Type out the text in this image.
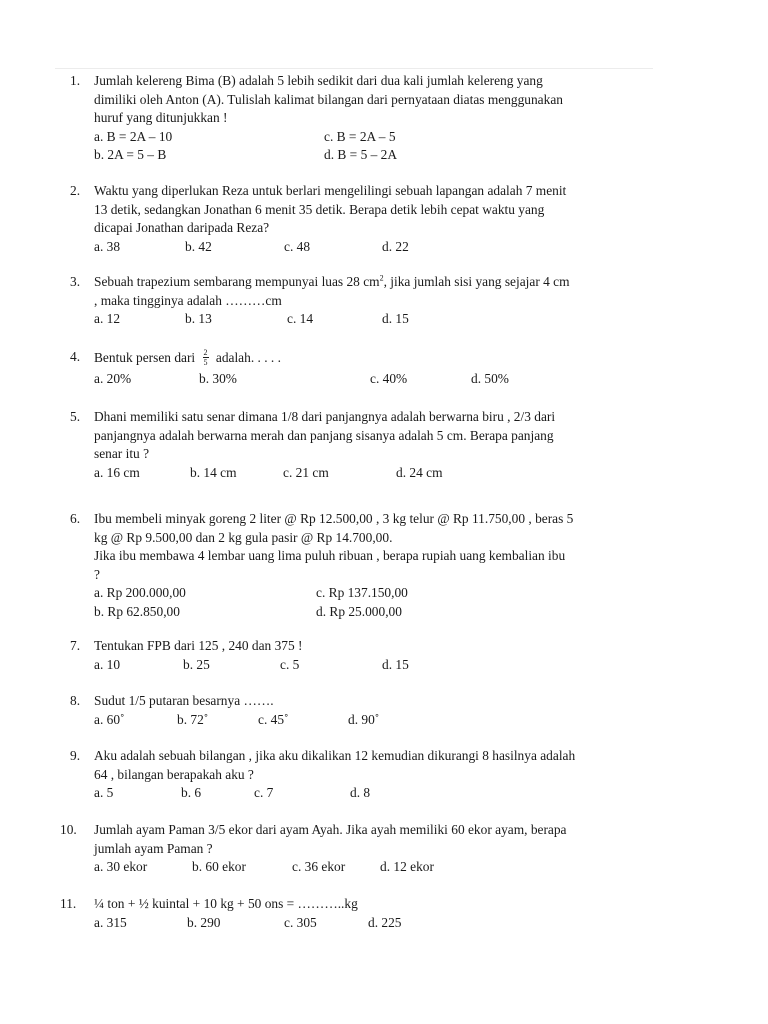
1.	Jumlah kelereng Bima (B) adalah 5 lebih sedikit dari dua kali jumlah kelereng yang
dimiliki oleh Anton (A). Tulislah kalimat bilangan dari pernyataan diatas menggunakan
huruf yang ditunjukkan !
a. B = 2A – 10	c. B = 2A – 5
b. 2A = 5 – B	d. B = 5 – 2A
2.	Waktu yang diperlukan Reza untuk berlari mengelilingi sebuah lapangan adalah 7 menit
13 detik, sedangkan Jonathan 6 menit 35 detik. Berapa detik lebih cepat waktu yang
dicapai Jonathan daripada Reza?
a. 38	b. 42	c. 48	d. 22
3.	Sebuah trapezium sembarang mempunyai luas 28 $cm^2$, jika jumlah sisi yang sejajar 4 cm
, maka tingginya adalah ………cm
a. 12	b. 13	c. 14	d. 15
4.	Bentuk persen dari $\frac{2}{5}$ adalah. . . . .
a. 20%	b. 30%	c. 40%	d. 50%
5.	Dhani memiliki satu senar dimana 1/8 dari panjangnya adalah berwarna biru , 2/3 dari
panjangnya adalah berwarna merah dan panjang sisanya adalah 5 cm. Berapa panjang
senar itu ?
a. 16 cm	b. 14 cm	c. 21 cm	d. 24 cm
6.	Ibu membeli minyak goreng 2 liter @ Rp 12.500,00 , 3 kg telur @ Rp 11.750,00 , beras 5
kg @ Rp 9.500,00 dan 2 kg gula pasir @ Rp 14.700,00.
Jika ibu membawa 4 lembar uang lima puluh ribuan , berapa rupiah uang kembalian ibu
?
a. Rp 200.000,00	c. Rp 137.150,00
b. Rp 62.850,00	d. Rp 25.000,00
7.	Tentukan FPB dari 125 , 240 dan 375 !
a. 10	b. 25	c. 5	d. 15
8.	Sudut 1/5 putaran besarnya …….
a. 60˚	b. 72˚	c. 45˚	d. 90˚
9.	Aku adalah sebuah bilangan , jika aku dikalikan 12 kemudian dikurangi 8 hasilnya adalah
64 , bilangan berapakah aku ?
a. 5	b. 6	c. 7	d. 8
10.	Jumlah ayam Paman 3/5 ekor dari ayam Ayah. Jika ayah memiliki 60 ekor ayam, berapa
jumlah ayam Paman ?
a. 30 ekor	b. 60 ekor	c. 36 ekor	d. 12 ekor
11.	¼ ton + ½ kuintal + 10 kg + 50 ons = ………..kg
a. 315	b. 290	c. 305	d. 225
